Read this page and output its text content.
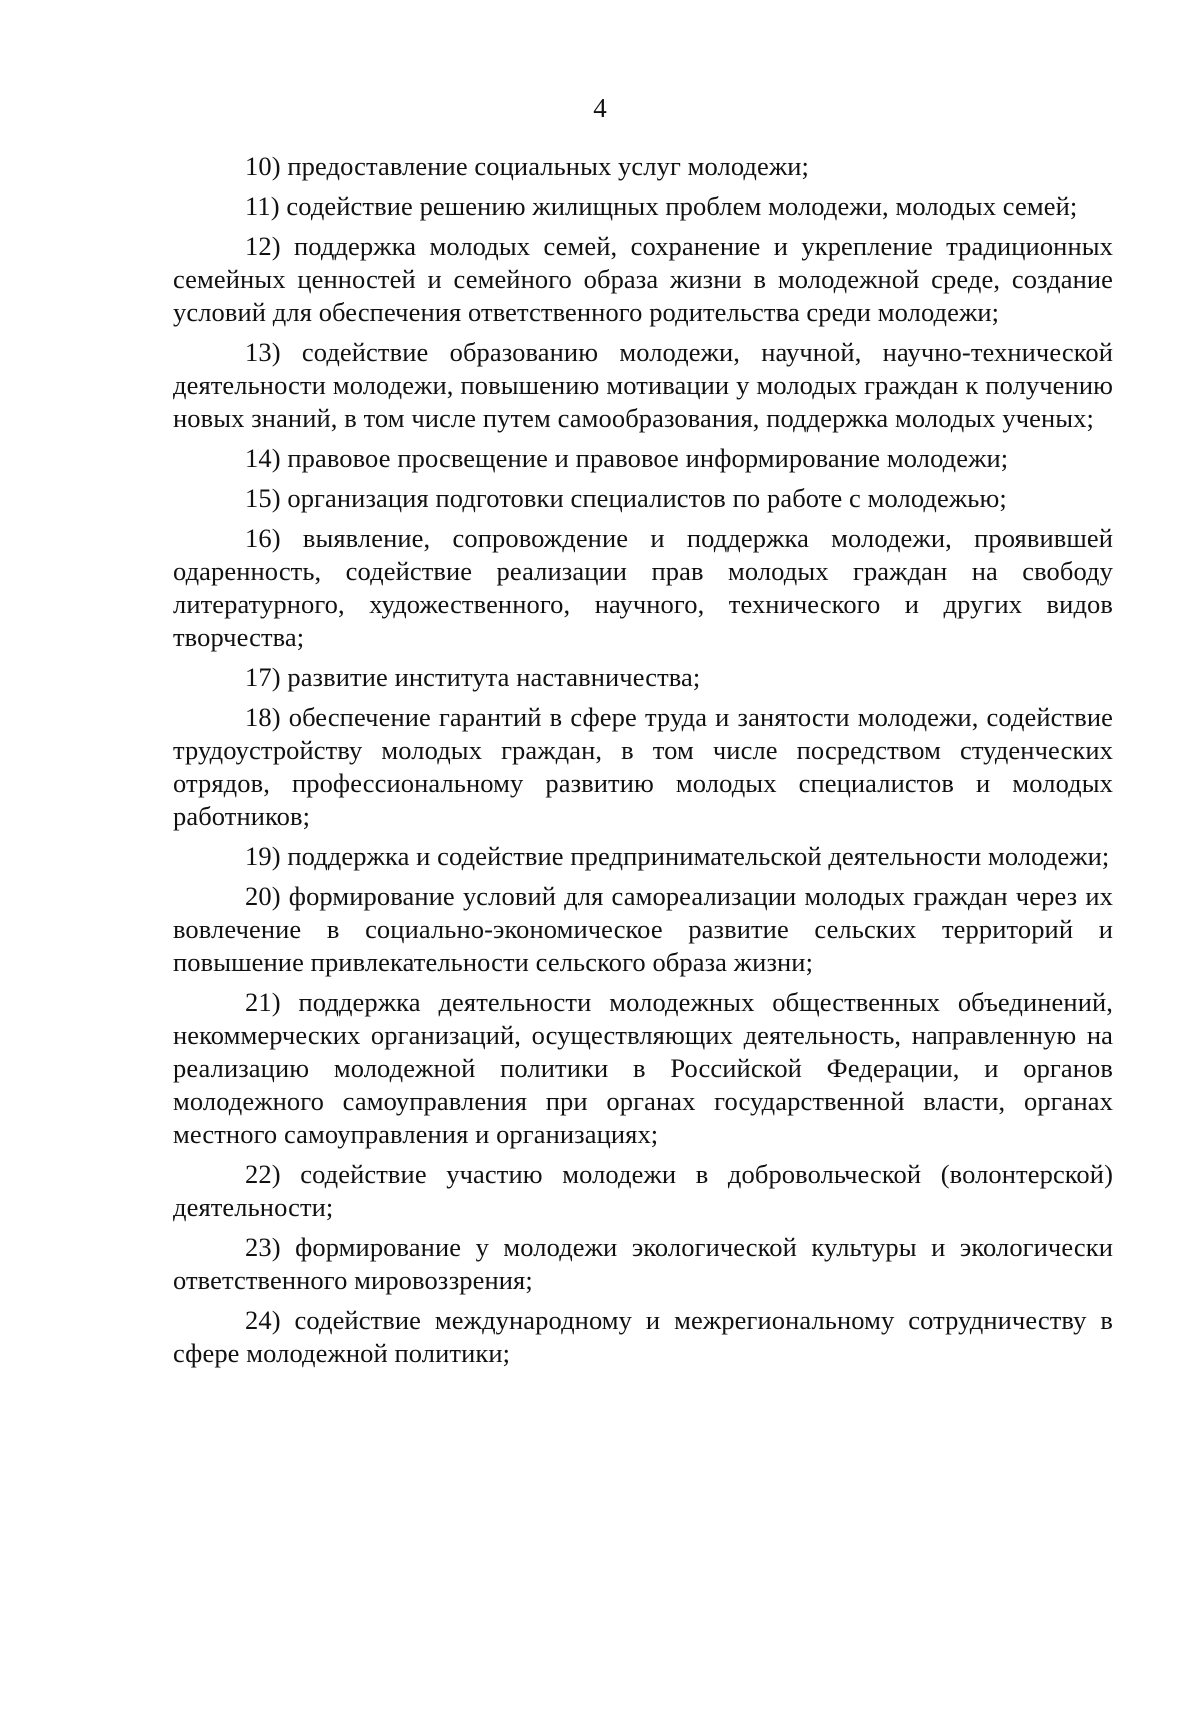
4

10) предоставление социальных услуг молодежи;

11) содействие решению жилищных проблем молодежи, молодых семей;

12) поддержка молодых семей, сохранение и укрепление традиционных семейных ценностей и семейного образа жизни в молодежной среде, создание условий для обеспечения ответственного родительства среди молодежи;

13) содействие образованию молодежи, научной, научно-технической деятельности молодежи, повышению мотивации у молодых граждан к получению новых знаний, в том числе путем самообразования, поддержка молодых ученых;

14) правовое просвещение и правовое информирование молодежи;

15) организация подготовки специалистов по работе с молодежью;

16) выявление, сопровождение и поддержка молодежи, проявившей одаренность, содействие реализации прав молодых граждан на свободу литературного, художественного, научного, технического и других видов творчества;

17) развитие института наставничества;

18) обеспечение гарантий в сфере труда и занятости молодежи, содействие трудоустройству молодых граждан, в том числе посредством студенческих отрядов, профессиональному развитию молодых специалистов и молодых работников;

19) поддержка и содействие предпринимательской деятельности молодежи;

20) формирование условий для самореализации молодых граждан через их вовлечение в социально-экономическое развитие сельских территорий и повышение привлекательности сельского образа жизни;

21) поддержка деятельности молодежных общественных объединений, некоммерческих организаций, осуществляющих деятельность, направленную на реализацию молодежной политики в Российской Федерации, и органов молодежного самоуправления при органах государственной власти, органах местного самоуправления и организациях;

22) содействие участию молодежи в добровольческой (волонтерской) деятельности;

23) формирование у молодежи экологической культуры и экологически ответственного мировоззрения;

24) содействие международному и межрегиональному сотрудничеству в сфере молодежной политики;
